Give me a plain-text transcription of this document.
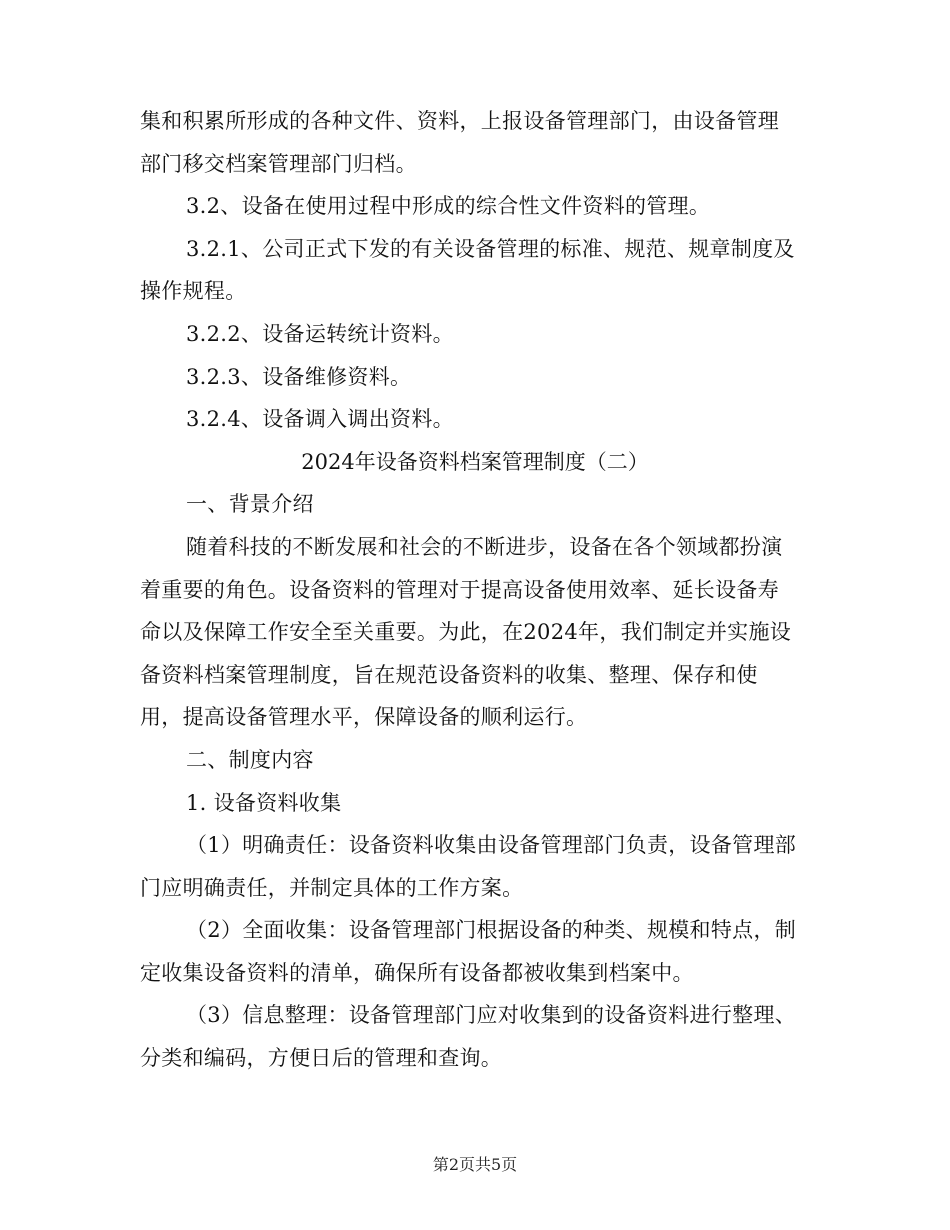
集和积累所形成的各种文件、资料，上报设备管理部门，由设备管理
部门移交档案管理部门归档。
3.2、设备在使用过程中形成的综合性文件资料的管理。
3.2.1、公司正式下发的有关设备管理的标准、规范、规章制度及
操作规程。
3.2.2、设备运转统计资料。
3.2.3、设备维修资料。
3.2.4、设备调入调出资料。
2024年设备资料档案管理制度（二）
一、背景介绍
随着科技的不断发展和社会的不断进步，设备在各个领域都扮演
着重要的角色。设备资料的管理对于提高设备使用效率、延长设备寿
命以及保障工作安全至关重要。为此，在2024年，我们制定并实施设
备资料档案管理制度，旨在规范设备资料的收集、整理、保存和使
用，提高设备管理水平，保障设备的顺利运行。
二、制度内容
1. 设备资料收集
（1）明确责任：设备资料收集由设备管理部门负责，设备管理部
门应明确责任，并制定具体的工作方案。
（2）全面收集：设备管理部门根据设备的种类、规模和特点，制
定收集设备资料的清单，确保所有设备都被收集到档案中。
（3）信息整理：设备管理部门应对收集到的设备资料进行整理、
分类和编码，方便日后的管理和查询。
第2页共5页
